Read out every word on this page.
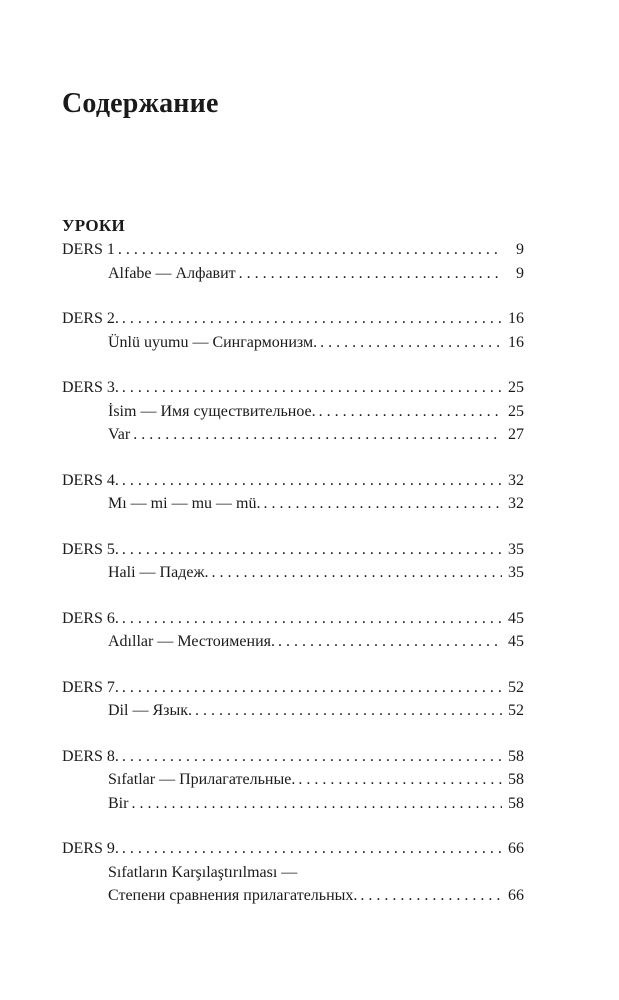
Содержание
УРОКИ
DERS 1 . . .	9
Alfabe — Алфавит . . .	9
DERS 2. . . .	16
Ünlü uyumu — Сингармонизм. . . .	16
DERS 3. . . .	25
İsim — Имя существительное. . . .	25
Var . . .	27
DERS 4. . . .	32
Mı — mi — mu — mü. . . .	32
DERS 5. . . .	35
Hali — Падеж. . . .	35
DERS 6. . . .	45
Adıllar — Местоимения. . . .	45
DERS 7. . . .	52
Dil — Язык. . . .	52
DERS 8. . . .	58
Sıfatlar — Прилагательные. . . .	58
Bir . . .	58
DERS 9. . . .	66
Sıfatların Karşılaştırılması —
Степени сравнения прилагательных. . . .	66
